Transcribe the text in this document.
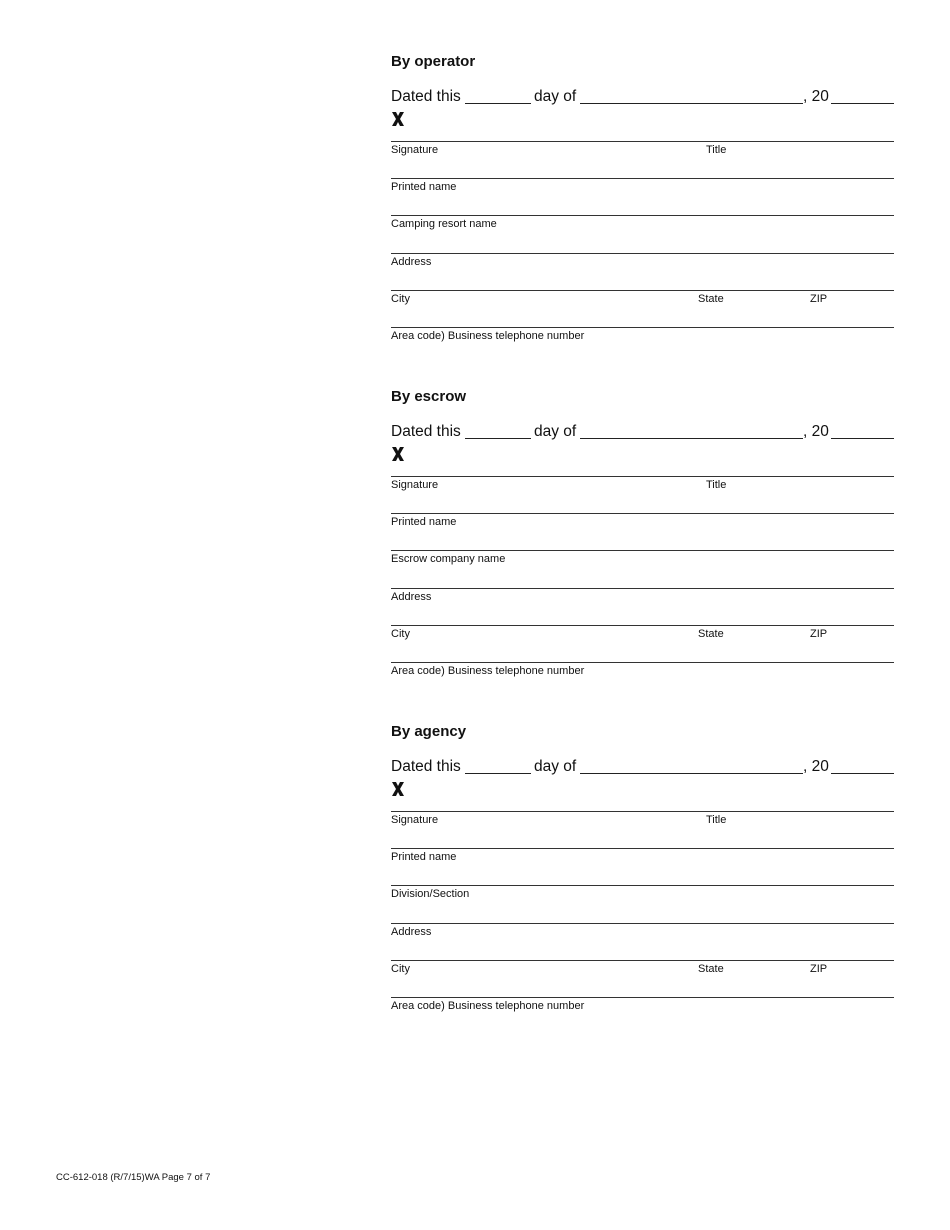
By operator
Dated this	day of	, 20
Signature	Title
Printed name
Camping resort name
Address
City	State	ZIP
Area code) Business telephone number
By escrow
Dated this	day of	, 20
Signature	Title
Printed name
Escrow company name
Address
City	State	ZIP
Area code) Business telephone number
By agency
Dated this	day of	, 20
Signature	Title
Printed name
Division/Section
Address
City	State	ZIP
Area code) Business telephone number
CC-612-018 (R/7/15)WA Page 7 of 7
